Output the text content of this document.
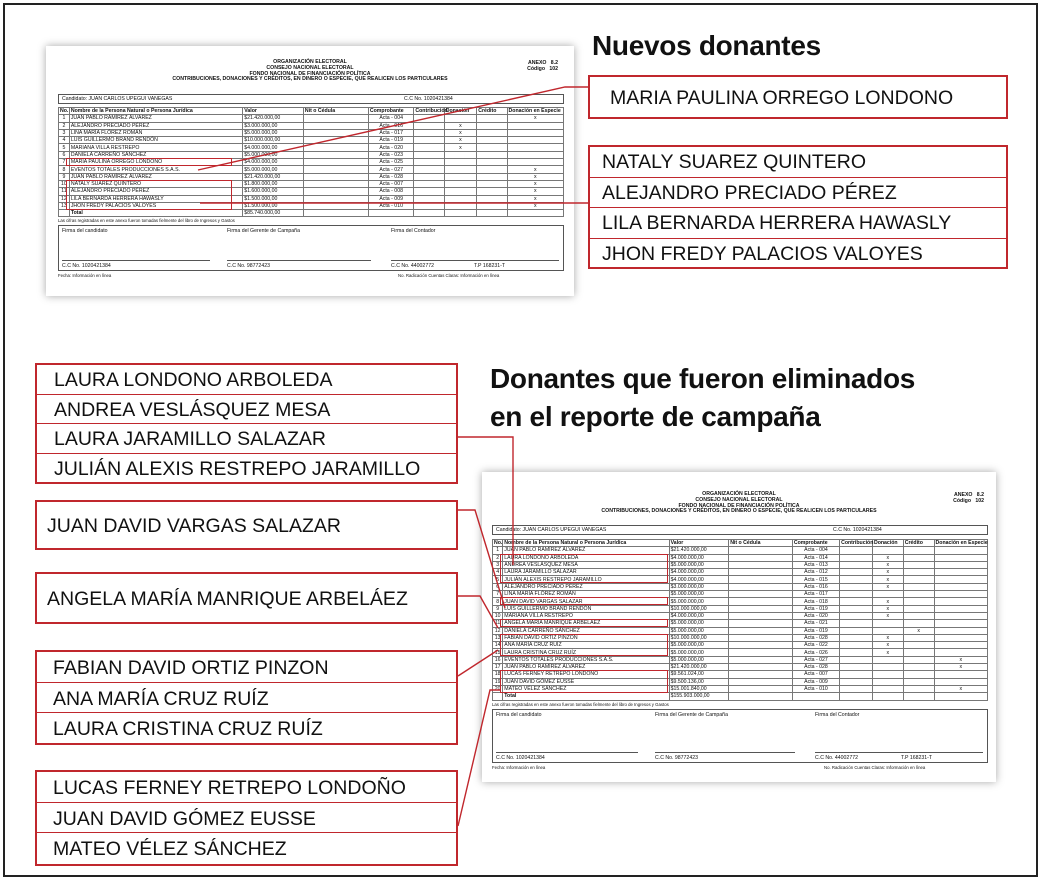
Nuevos donantes
Donantes que fueron eliminados
en el reporte de campaña
ORGANIZACIÓN ELECTORAL
CONSEJO NACIONAL ELECTORAL
FONDO NACIONAL DE FINANCIACIÓN POLÍTICA
CONTRIBUCIONES, DONACIONES Y CRÉDITOS, EN DINERO O ESPECIE, QUE REALICEN LOS PARTICULARES
ANEXO 8.2
Código 102
Candidato: JUAN CARLOS UPEGUI VANEGAS	C.C No. 1020421384
No.	Nombre de la Persona Natural o Persona Jurídica	Valor	Nit o Cédula	Comprobante	Contribución	Donación	Crédito	Donación en Especie
1	JUAN PABLO RAMÍREZ ÁLVAREZ	$21.420.000,00		Acta - 004				x
2	ALEJANDRO PRECIADO PÉREZ	$3.000.000,00		Acta - 016		x		
3	LINA MARÍA FLÓREZ ROMÁN	$5.000.000,00		Acta - 017		x		
4	LUIS GUILLERMO BRAND RENDÓN	$10.000.000,00		Acta - 019		x		
5	MARIANA VILLA RESTREPO	$4.000.000,00		Acta - 020		x		
6	DANIELA CARREÑO SÁNCHEZ	$5.000.000,00		Acta - 023				
7	MARIA PAULINA ORREGO LONDOÑO	$4.000.000,00		Acta - 025				
8	EVENTOS TOTALES PRODUCCIONES S.A.S.	$5.000.000,00		Acta - 027				x
9	JUAN PABLO RAMÍREZ ÁLVAREZ	$21.420.000,00		Acta - 028				x
10	NATALY SUÁREZ QUINTERO	$1.800.000,00		Acta - 007				x
11	ALEJANDRO PRECIADO PÉREZ	$1.600.000,00		Acta - 008				x
12	LILA BERNARDA HERRERA HAWASLY	$1.500.000,00		Acta - 009				x
13	JHON FREDY PALACIOS VALOYES	$1.500.000,00		Acta - 010				x
	Total	$85.740.000,00						
Las cifras registradas en este anexo fueron tomadas fielmente del libro de Ingresos y Gastos
Firma del candidato	Firma del Gerente de Campaña	Firma del Contador
C.C No. 1020421384	C.C No. 98772423	C.C No. 44002772	T.P 168231-T
Fecha: Información en línea	No. Radicación Cuentas Claras: Información en línea
ORGANIZACIÓN ELECTORAL
CONSEJO NACIONAL ELECTORAL
FONDO NACIONAL DE FINANCIACIÓN POLÍTICA
CONTRIBUCIONES, DONACIONES Y CRÉDITOS, EN DINERO O ESPECIE, QUE REALICEN LOS PARTICULARES
ANEXO 8.2
Código 102
Candidato: JUAN CARLOS UPEGUI VANEGAS	C.C No. 1020421384
No.	Nombre de la Persona Natural o Persona Jurídica	Valor	Nit o Cédula	Comprobante	Contribución	Donación	Crédito	Donación en Especie
1	JUAN PABLO RAMÍREZ ÁLVAREZ	$21.420.000,00		Acta - 004				
2	LAURA LONDOÑO ARBOLEDA	$4.000.000,00		Acta - 014		x		
3	ANDREA VESLÁSQUEZ MESA	$5.000.000,00		Acta - 013		x		
4	LAURA JARAMILLO SALAZAR	$4.000.000,00		Acta - 012		x		
5	JULIÁN ALEXIS RESTREPO JARAMILLO	$4.000.000,00		Acta - 015		x		
6	ALEJANDRO PRECIADO PÉREZ	$3.000.000,00		Acta - 016		x		
7	LINA MARÍA FLÓREZ ROMÁN	$5.000.000,00		Acta - 017				
8	JUAN DAVID VARGAS SALAZAR	$5.000.000,00		Acta - 018		x		
9	LUIS GUILLERMO BRAND RENDÓN	$10.000.000,00		Acta - 019		x		
10	MARIANA VILLA RESTREPO	$4.000.000,00		Acta - 020		x		
11	ÁNGELA MARÍA MANRIQUE ARBELÁEZ	$5.000.000,00		Acta - 021				
12	DANIELA CARREÑO SÁNCHEZ	$5.000.000,00		Acta - 019			x	
13	FABIAN DAVID ORTIZ PINZÓN	$10.000.000,00		Acta - 028		x		
14	ANA MARÍA CRUZ RUÍZ	$5.000.000,00		Acta - 022		x		
15	LAURA CRISTINA CRUZ RUÍZ	$5.000.000,00		Acta - 026		x		
16	EVENTOS TOTALES PRODUCCIONES S.A.S.	$5.000.000,00		Acta - 027				x
17	JUAN PABLO RAMÍREZ ÁLVAREZ	$21.420.000,00		Acta - 028				x
18	LUCAS FERNEY RETREPO LONDOÑO	$9.561.024,00		Acta - 007				
19	JUAN DAVID GÓMEZ EUSSE	$9.500.136,00		Acta - 009				
20	MATEO VÉLEZ SÁNCHEZ	$15.001.840,00		Acta - 010				x
	Total	$155.903.000,00						
Las cifras registradas en este anexo fueron tomadas fielmente del libro de Ingresos y Gastos
Firma del candidato	Firma del Gerente de Campaña	Firma del Contador
C.C No. 1020421384	C.C No. 98772423	C.C No. 44002772	T.P 168231-T
Fecha: Información en línea	No. Radicación Cuentas Claras: Información en línea
MARIA PAULINA ORREGO LONDONO
NATALY SUAREZ QUINTERO
ALEJANDRO PRECIADO PÉREZ
LILA BERNARDA HERRERA HAWASLY
JHON FREDY PALACIOS VALOYES
LAURA LONDONO ARBOLEDA
ANDREA VESLÁSQUEZ MESA
LAURA JARAMILLO SALAZAR
JULIÁN ALEXIS RESTREPO JARAMILLO
JUAN DAVID VARGAS SALAZAR
ANGELA MARÍA MANRIQUE ARBELÁEZ
FABIAN DAVID ORTIZ PINZON
ANA MARÍA CRUZ RUÍZ
LAURA CRISTINA CRUZ RUÍZ
LUCAS FERNEY RETREPO LONDOÑO
JUAN DAVID GÓMEZ EUSSE
MATEO VÉLEZ SÁNCHEZ
